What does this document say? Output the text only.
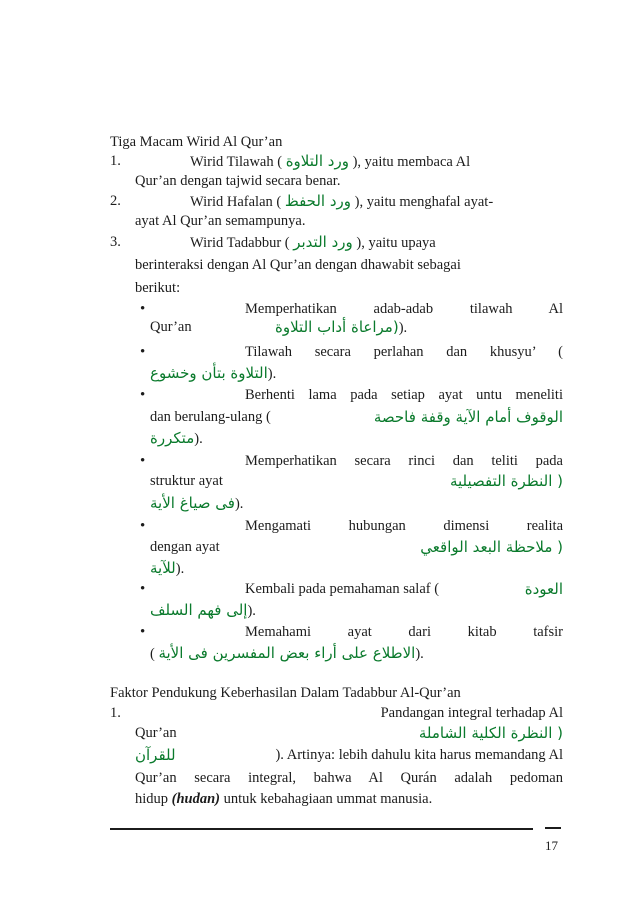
Tiga Macam Wirid Al Qur’an
1.	Wirid Tilawah ( ورد التلاوة ), yaitu membaca Al
Qur’an dengan tajwid secara benar.
2.	Wirid Hafalan ( ورد الحفظ ), yaitu menghafal ayat-
ayat Al Qur’an semampunya.
3.	Wirid Tadabbur ( ورد التدبر ), yaitu upaya
berinteraksi dengan Al Qur’an dengan dhawabit sebagai
berikut:
•	Memperhatikan adab-adab tilawah Al
Qur’an	(مراعاة أداب التلاوة).
•	Tilawah secara perlahan dan khusyu’ (
التلاوة بتأن وخشوع).
•	Berhenti lama pada setiap ayat untu meneliti
dan berulang-ulang (	الوقوف أمام الآية وقفة فاحصة
متكررة).
•	Memperhatikan secara rinci dan teliti pada
struktur ayat	( النظرة التفصيلية
فى صياغ الأية).
•	Mengamati hubungan dimensi realita
dengan ayat	( ملاحظة البعد الواقعي
للآية).
•	Kembali pada pemahaman salaf (	العودة
إلى فهم السلف).
•	Memahami ayat dari kitab tafsir
( الاطلاع على أراء بعض المفسرين فى الأية).
Faktor Pendukung Keberhasilan Dalam Tadabbur Al-Qur’an
1.	Pandangan integral terhadap Al
Qur’an	( النظرة الكلية الشاملة
للقرآن	). Artinya: lebih dahulu kita harus memandang Al
Qur’an secara integral, bahwa Al Qurán adalah pedoman
hidup (hudan) untuk kebahagiaan ummat manusia.
17
